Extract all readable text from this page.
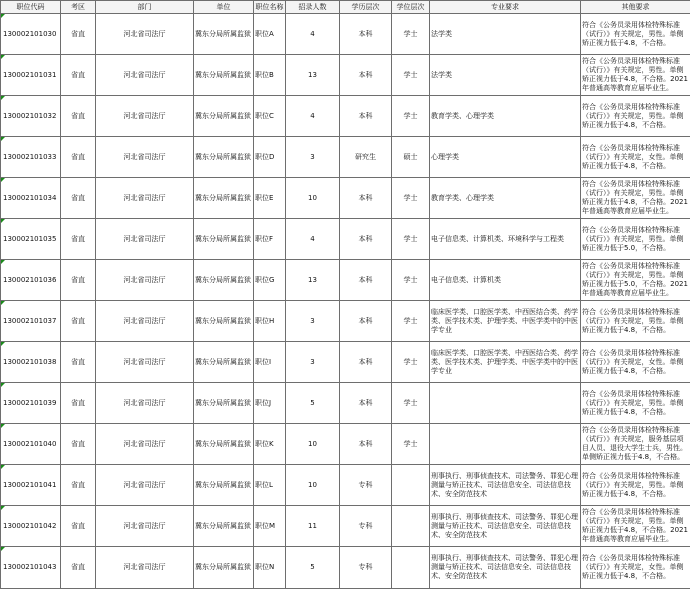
职位代码	考区	部门	单位	职位名称	招录人数	学历层次	学位层次	专业要求	其他要求
130002101030	省直	河北省司法厅	冀东分局所属监狱	职位A	4	本科	学士	法学类	符合《公务员录用体检特殊标准（试行）》有关规定，男性。单侧矫正视力低于4.8，不合格。
130002101031	省直	河北省司法厅	冀东分局所属监狱	职位B	13	本科	学士	法学类	符合《公务员录用体检特殊标准（试行）》有关规定，男性。单侧矫正视力低于4.8，不合格。2021年普通高等教育应届毕业生。
130002101032	省直	河北省司法厅	冀东分局所属监狱	职位C	4	本科	学士	教育学类、心理学类	符合《公务员录用体检特殊标准（试行）》有关规定，男性。单侧矫正视力低于4.8，不合格。
130002101033	省直	河北省司法厅	冀东分局所属监狱	职位D	3	研究生	硕士	心理学类	符合《公务员录用体检特殊标准（试行）》有关规定，女性。单侧矫正视力低于4.8，不合格。
130002101034	省直	河北省司法厅	冀东分局所属监狱	职位E	10	本科	学士	教育学类、心理学类	符合《公务员录用体检特殊标准（试行）》有关规定，男性。单侧矫正视力低于4.8，不合格。2021年普通高等教育应届毕业生。
130002101035	省直	河北省司法厅	冀东分局所属监狱	职位F	4	本科	学士	电子信息类、计算机类、环境科学与工程类	符合《公务员录用体检特殊标准（试行）》有关规定，男性。单侧矫正视力低于5.0，不合格。
130002101036	省直	河北省司法厅	冀东分局所属监狱	职位G	13	本科	学士	电子信息类、计算机类	符合《公务员录用体检特殊标准（试行）》有关规定，男性。单侧矫正视力低于5.0，不合格。2021年普通高等教育应届毕业生。
130002101037	省直	河北省司法厅	冀东分局所属监狱	职位H	3	本科	学士	临床医学类、口腔医学类、中西医结合类、药学类、医学技术类、护理学类、中医学类中的中医学专业	符合《公务员录用体检特殊标准（试行）》有关规定，男性。单侧矫正视力低于4.8，不合格。
130002101038	省直	河北省司法厅	冀东分局所属监狱	职位I	3	本科	学士	临床医学类、口腔医学类、中西医结合类、药学类、医学技术类、护理学类、中医学类中的中医学专业	符合《公务员录用体检特殊标准（试行）》有关规定，女性。单侧矫正视力低于4.8，不合格。
130002101039	省直	河北省司法厅	冀东分局所属监狱	职位J	5	本科	学士		符合《公务员录用体检特殊标准（试行）》有关规定，男性。单侧矫正视力低于4.8，不合格。
130002101040	省直	河北省司法厅	冀东分局所属监狱	职位K	10	本科	学士		符合《公务员录用体检特殊标准（试行）》有关规定，服务基层项目人员、退役大学生士兵，男性。单侧矫正视力低于4.8，不合格。
130002101041	省直	河北省司法厅	冀东分局所属监狱	职位L	10	专科		刑事执行、刑事侦查技术、司法警务、罪犯心理测量与矫正技术、司法信息安全、司法信息技术、安全防范技术	符合《公务员录用体检特殊标准（试行）》有关规定，男性。单侧矫正视力低于4.8，不合格。
130002101042	省直	河北省司法厅	冀东分局所属监狱	职位M	11	专科		刑事执行、刑事侦查技术、司法警务、罪犯心理测量与矫正技术、司法信息安全、司法信息技术、安全防范技术	符合《公务员录用体检特殊标准（试行）》有关规定，男性。单侧矫正视力低于4.8，不合格。2021年普通高等教育应届毕业生。
130002101043	省直	河北省司法厅	冀东分局所属监狱	职位N	5	专科		刑事执行、刑事侦查技术、司法警务、罪犯心理测量与矫正技术、司法信息安全、司法信息技术、安全防范技术	符合《公务员录用体检特殊标准（试行）》有关规定，女性。单侧矫正视力低于4.8，不合格。
